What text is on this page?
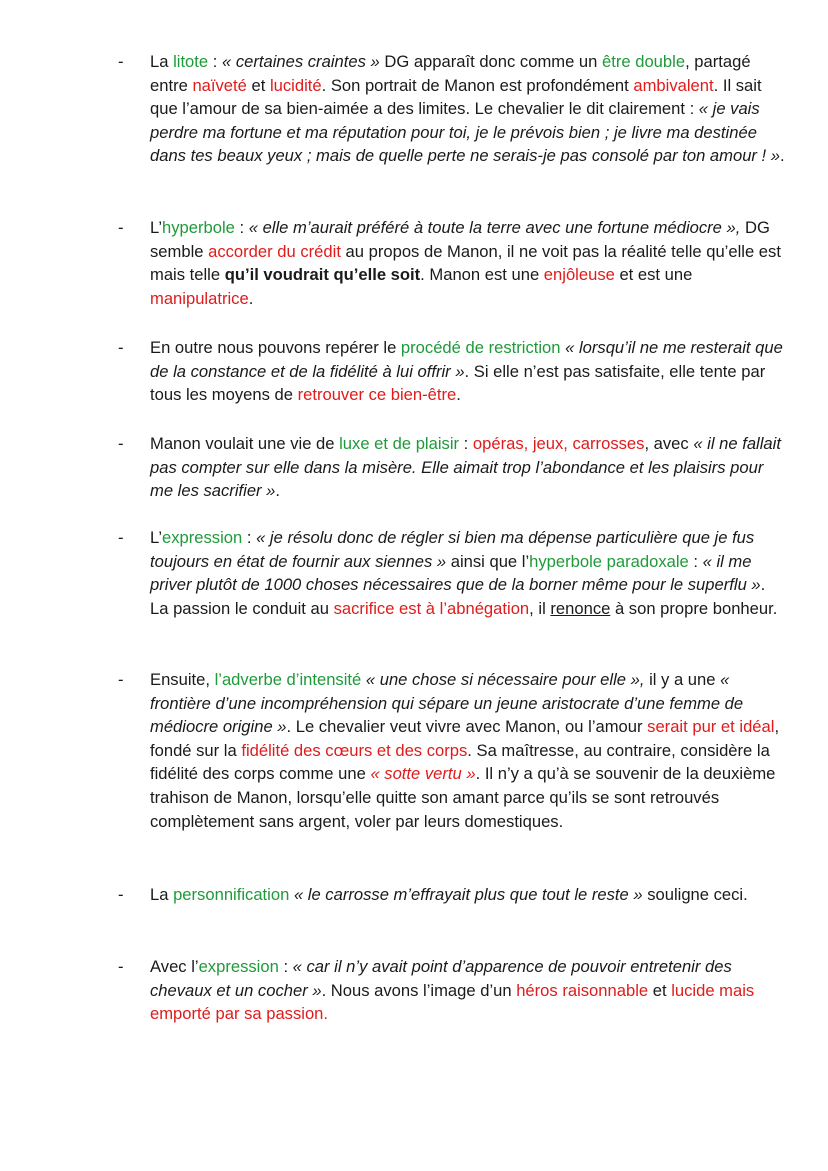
- La litote : « certaines craintes » DG apparaît donc comme un être double, partagé entre naïveté et lucidité. Son portrait de Manon est profondément ambivalent. Il sait que l’amour de sa bien-aimée a des limites. Le chevalier le dit clairement : « je vais perdre ma fortune et ma réputation pour toi, je le prévois bien ; je livre ma destinée dans tes beaux yeux ; mais de quelle perte ne serais-je pas consolé par ton amour ! ».
- L’hyperbole : « elle m’aurait préféré à toute la terre avec une fortune médiocre », DG semble accorder du crédit au propos de Manon, il ne voit pas la réalité telle qu’elle est mais telle qu’il voudrait qu’elle soit. Manon est une enjôleuse et est une manipulatrice.
- En outre nous pouvons repérer le procédé de restriction « lorsqu’il ne me resterait que de la constance et de la fidélité à lui offrir ». Si elle n’est pas satisfaite, elle tente par tous les moyens de retrouver ce bien-être.
- Manon voulait une vie de luxe et de plaisir : opéras, jeux, carrosses, avec « il ne fallait pas compter sur elle dans la misère. Elle aimait trop l’abondance et les plaisirs pour me les sacrifier ».
- L’expression : « je résolu donc de régler si bien ma dépense particulière que je fus toujours en état de fournir aux siennes » ainsi que l’hyperbole paradoxale : « il me priver plutôt de 1000 choses nécessaires que de la borner même pour le superflu ». La passion le conduit au sacrifice est à l’abnégation, il renonce à son propre bonheur.
- Ensuite, l’adverbe d’intensité « une chose si nécessaire pour elle », il y a une « frontière d’une incompréhension qui sépare un jeune aristocrate d’une femme de médiocre origine ». Le chevalier veut vivre avec Manon, ou l’amour serait pur et idéal, fondé sur la fidélité des cœurs et des corps. Sa maîtresse, au contraire, considère la fidélité des corps comme une « sotte vertu ». Il n’y a qu’à se souvenir de la deuxième trahison de Manon, lorsqu’elle quitte son amant parce qu’ils se sont retrouvés complètement sans argent, voler par leurs domestiques.
- La personnification « le carrosse m’effrayait plus que tout le reste » souligne ceci.
- Avec l’expression : « car il n’y avait point d’apparence de pouvoir entretenir des chevaux et un cocher ». Nous avons l’image d’un héros raisonnable et lucide mais emporté par sa passion.
